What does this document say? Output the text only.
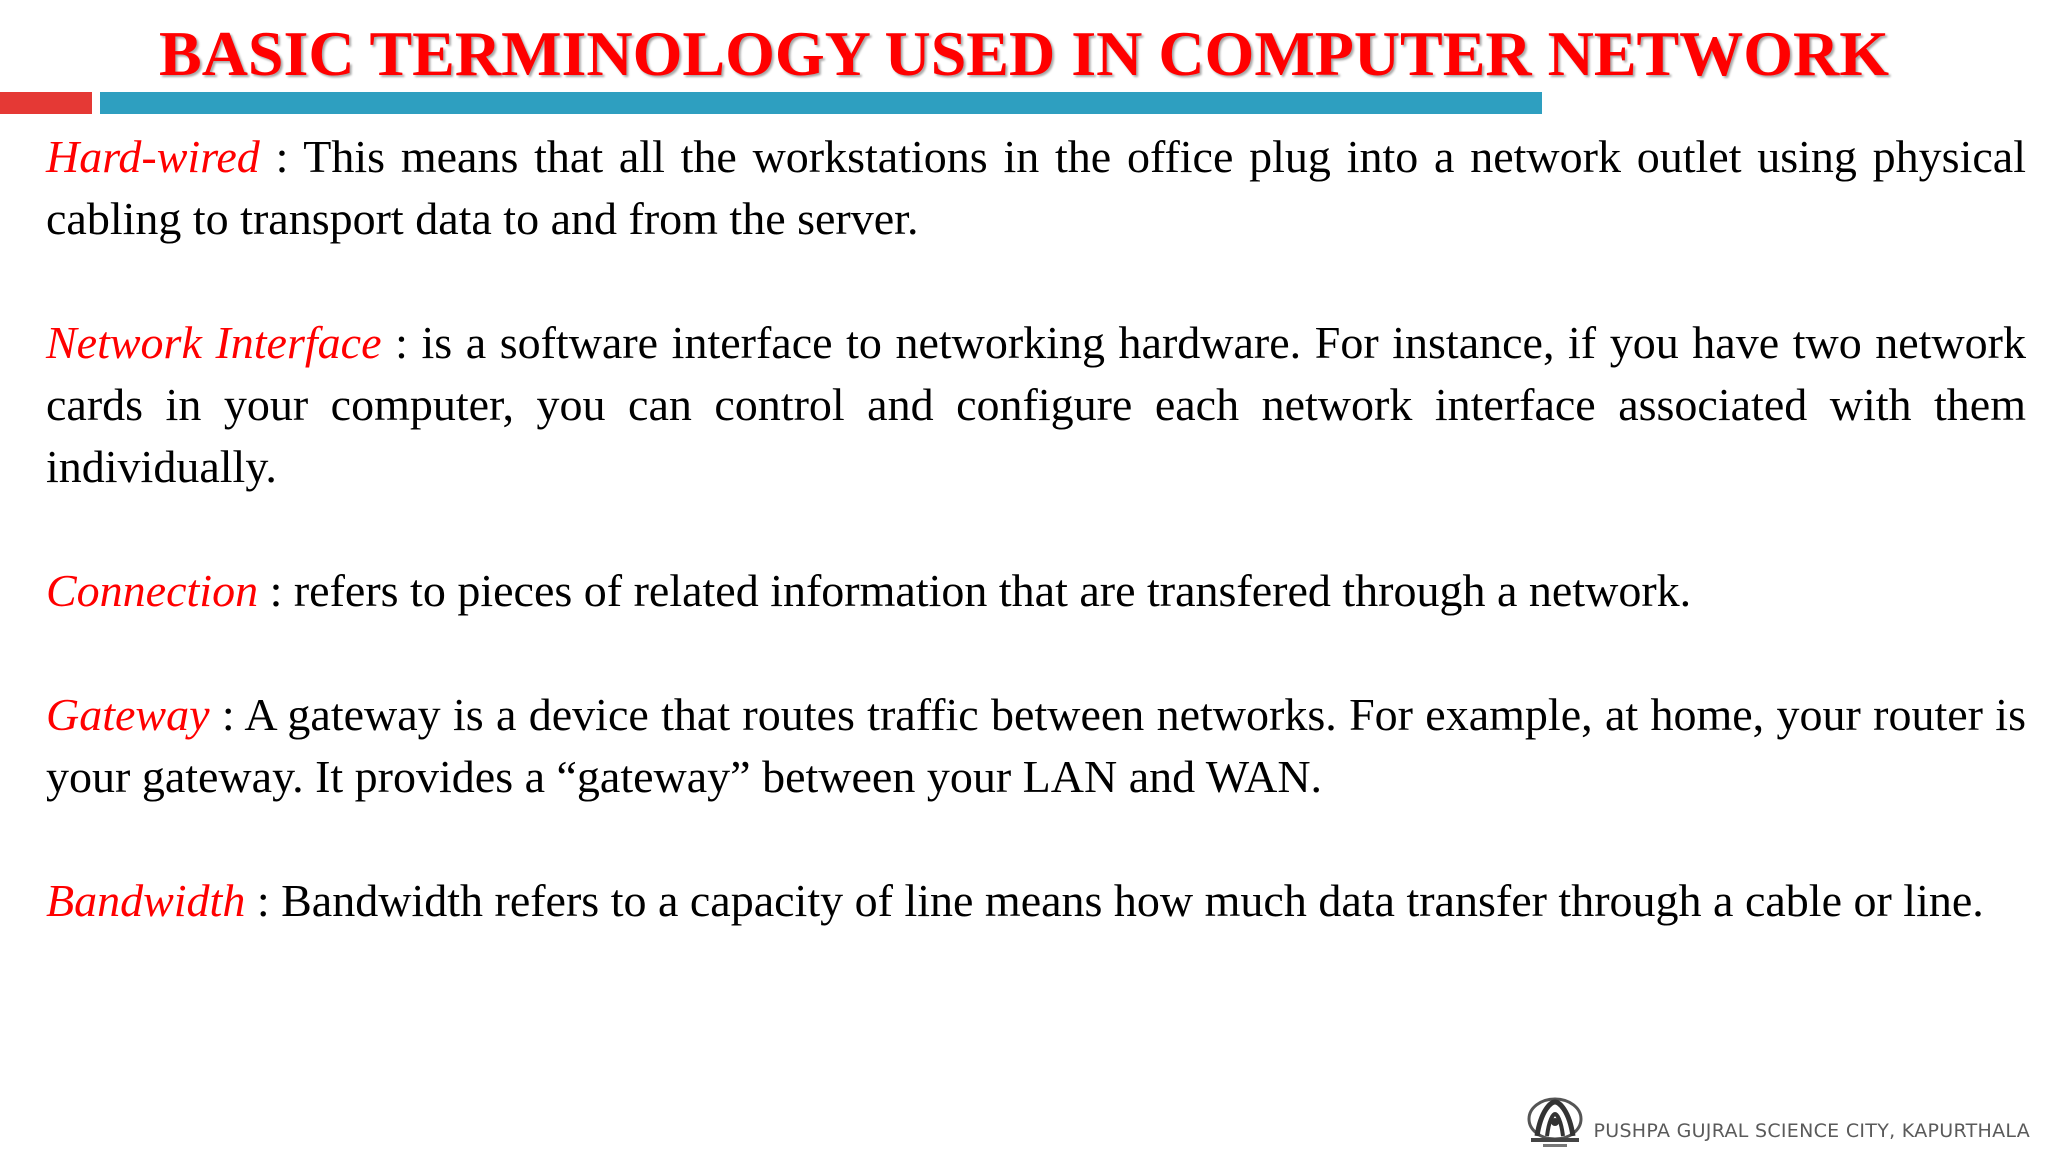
BASIC TERMINOLOGY USED IN COMPUTER NETWORK

Hard-wired : This means that all the workstations in the office plug into a network outlet using physical cabling to transport data to and from the server.

Network Interface : is a software interface to networking hardware. For instance, if you have two network cards in your computer, you can control and configure each network interface associated with them individually.

Connection : refers to pieces of related information that are transfered through a network.

Gateway : A gateway is a device that routes traffic between networks. For example, at home, your router is your gateway. It provides a “gateway” between your LAN and WAN.

Bandwidth : Bandwidth refers to a capacity of line means how much data transfer through a cable or line.

PUSHPA GUJRAL SCIENCE CITY, KAPURTHALA
